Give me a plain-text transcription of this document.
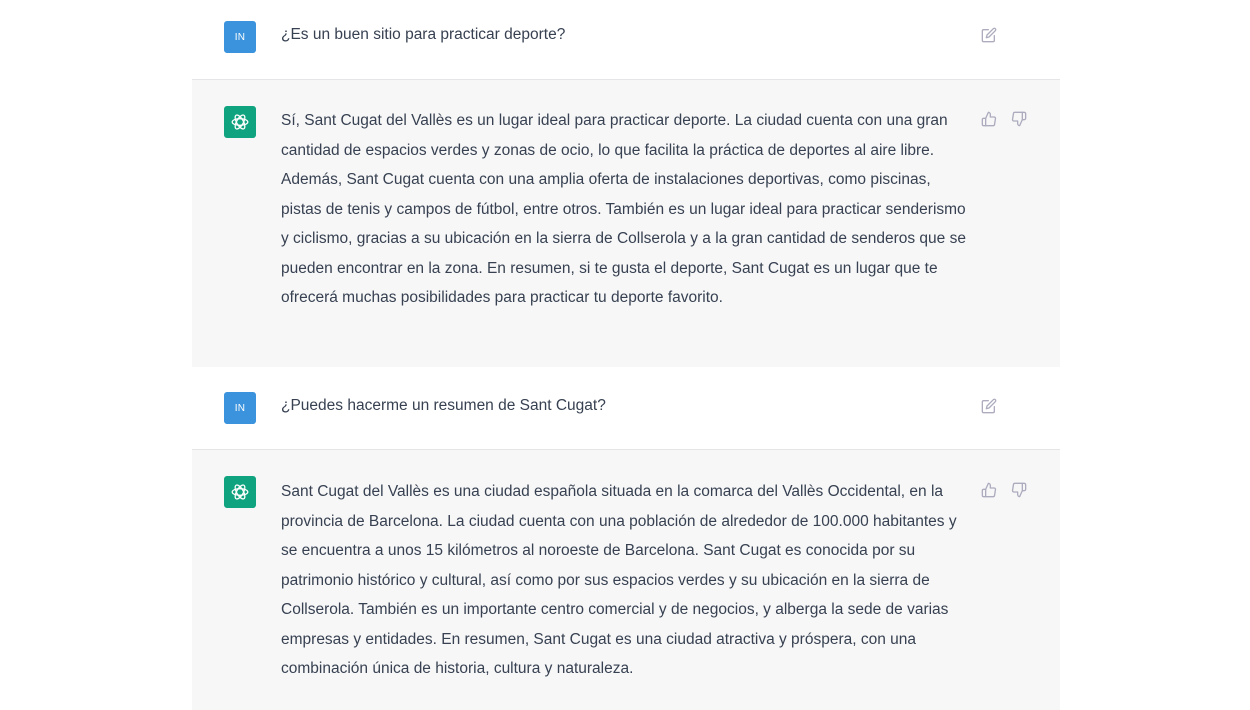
IN	¿Es un buen sitio para practicar deporte?
Sí, Sant Cugat del Vallès es un lugar ideal para practicar deporte. La ciudad cuenta con una gran cantidad de espacios verdes y zonas de ocio, lo que facilita la práctica de deportes al aire libre. Además, Sant Cugat cuenta con una amplia oferta de instalaciones deportivas, como piscinas, pistas de tenis y campos de fútbol, entre otros. También es un lugar ideal para practicar senderismo y ciclismo, gracias a su ubicación en la sierra de Collserola y a la gran cantidad de senderos que se pueden encontrar en la zona. En resumen, si te gusta el deporte, Sant Cugat es un lugar que te ofrecerá muchas posibilidades para practicar tu deporte favorito.
IN	¿Puedes hacerme un resumen de Sant Cugat?
Sant Cugat del Vallès es una ciudad española situada en la comarca del Vallès Occidental, en la provincia de Barcelona. La ciudad cuenta con una población de alrededor de 100.000 habitantes y se encuentra a unos 15 kilómetros al noroeste de Barcelona. Sant Cugat es conocida por su patrimonio histórico y cultural, así como por sus espacios verdes y su ubicación en la sierra de Collserola. También es un importante centro comercial y de negocios, y alberga la sede de varias empresas y entidades. En resumen, Sant Cugat es una ciudad atractiva y próspera, con una combinación única de historia, cultura y naturaleza.
